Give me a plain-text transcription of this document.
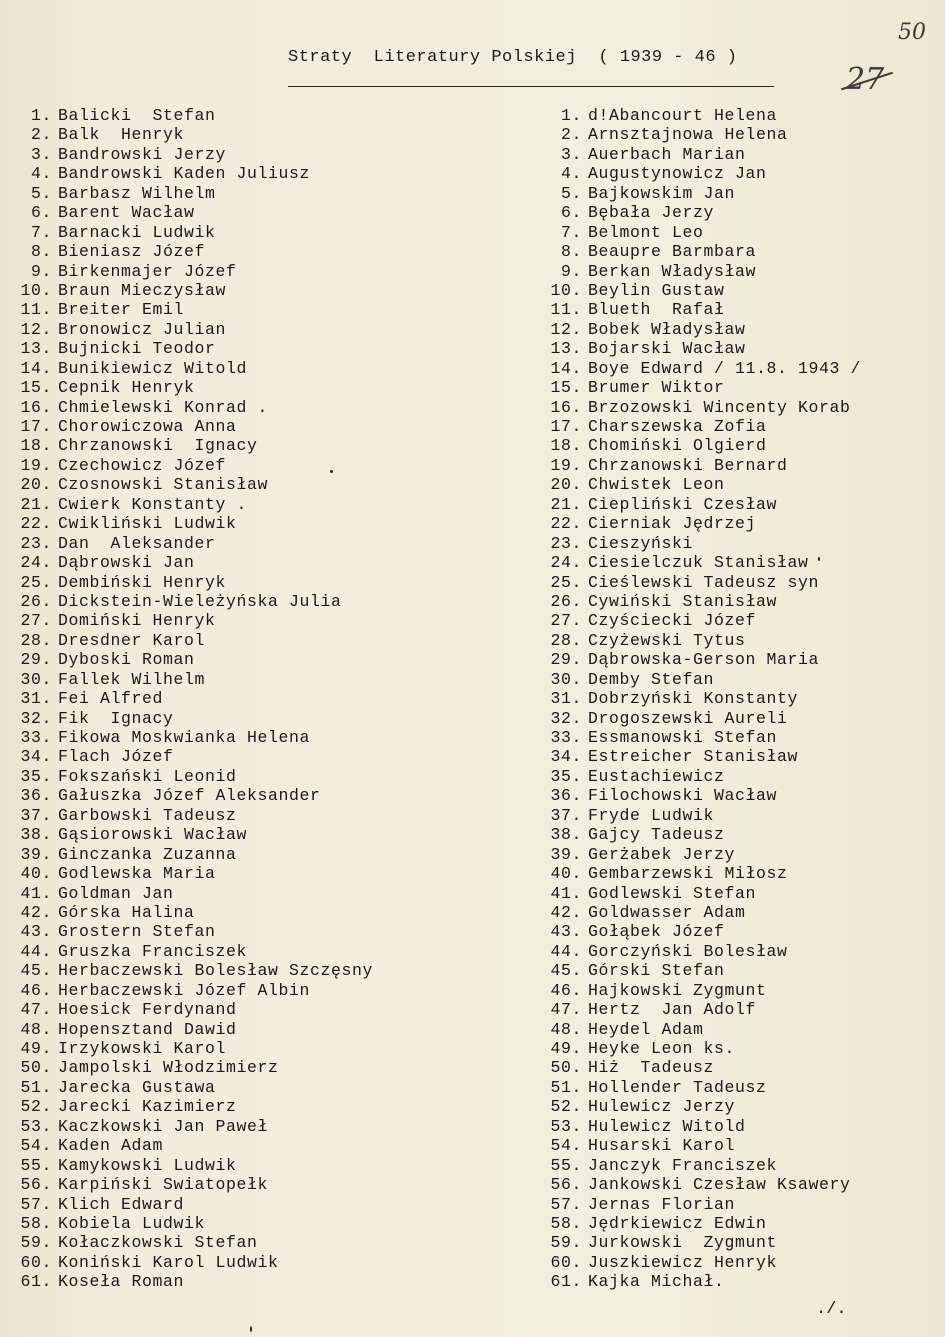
50
27
Straty  Literatury Polskiej  ( 1939 - 46 )
1. Balicki  Stefan
2. Balk  Henryk
3. Bandrowski Jerzy
4. Bandrowski Kaden Juliusz
5. Barbasz Wilhelm
6. Barent Wacław
7. Barnacki Ludwik
8. Bieniasz Józef
9. Birkenmajer Józef
10. Braun Mieczysław
11. Breiter Emil
12. Bronowicz Julian
13. Bujnicki Teodor
14. Bunikiewicz Witold
15. Cepnik Henryk
16. Chmielewski Konrad .
17. Chorowiczowa Anna
18. Chrzanowski  Ignacy
19. Czechowicz Józef
20. Czosnowski Stanisław
21. Cwierk Konstanty .
22. Cwikliński Ludwik
23. Dan  Aleksander
24. Dąbrowski Jan
25. Dembiński Henryk
26. Dickstein-Wieleżyńska Julia
27. Domiński Henryk
28. Dresdner Karol
29. Dyboski Roman
30. Fallek Wilhelm
31. Fei Alfred
32. Fik  Ignacy
33. Fikowa Moskwianka Helena
34. Flach Józef
35. Fokszański Leonid
36. Gałuszka Józef Aleksander
37. Garbowski Tadeusz
38. Gąsiorowski Wacław
39. Ginczanka Zuzanna
40. Godlewska Maria
41. Goldman Jan
42. Górska Halina
43. Grostern Stefan
44. Gruszka Franciszek
45. Herbaczewski Bolesław Szczęsny
46. Herbaczewski Józef Albin
47. Hoesick Ferdynand
48. Hopensztand Dawid
49. Irzykowski Karol
50. Jampolski Włodzimierz
51. Jarecka Gustawa
52. Jarecki Kazimierz
53. Kaczkowski Jan Paweł
54. Kaden Adam
55. Kamykowski Ludwik
56. Karpiński Swiatopełk
57. Klich Edward
58. Kobiela Ludwik
59. Kołaczkowski Stefan
60. Koniński Karol Ludwik
61. Koseła Roman
1. d!Abancourt Helena
2. Arnsztajnowa Helena
3. Auerbach Marian
4. Augustynowicz Jan
5. Bajkowskim Jan
6. Bębała Jerzy
7. Belmont Leo
8. Beaupre Barmbara
9. Berkan Władysław
10. Beylin Gustaw
11. Blueth  Rafał
12. Bobek Władysław
13. Bojarski Wacław
14. Boye Edward / 11.8. 1943 /
15. Brumer Wiktor
16. Brzozowski Wincenty Korab
17. Charszewska Zofia
18. Chomiński Olgierd
19. Chrzanowski Bernard
20. Chwistek Leon
21. Ciepliński Czesław
22. Cierniak Jędrzej
23. Cieszyński
24. Ciesielczuk Stanisław
25. Cieślewski Tadeusz syn
26. Cywiński Stanisław
27. Czyściecki Józef
28. Czyżewski Tytus
29. Dąbrowska-Gerson Maria
30. Demby Stefan
31. Dobrzyński Konstanty
32. Drogoszewski Aureli
33. Essmanowski Stefan
34. Estreicher Stanisław
35. Eustachiewicz
36. Filochowski Wacław
37. Fryde Ludwik
38. Gajcy Tadeusz
39. Gerżabek Jerzy
40. Gembarzewski Miłosz
41. Godlewski Stefan
42. Goldwasser Adam
43. Gołąbek Józef
44. Gorczyński Bolesław
45. Górski Stefan
46. Hajkowski Zygmunt
47. Hertz  Jan Adolf
48. Heydel Adam
49. Heyke Leon ks.
50. Hiż  Tadeusz
51. Hollender Tadeusz
52. Hulewicz Jerzy
53. Hulewicz Witold
54. Husarski Karol
55. Janczyk Franciszek
56. Jankowski Czesław Ksawery
57. Jernas Florian
58. Jędrkiewicz Edwin
59. Jurkowski  Zygmunt
60. Juszkiewicz Henryk
61. Kajka Michał.
./.
